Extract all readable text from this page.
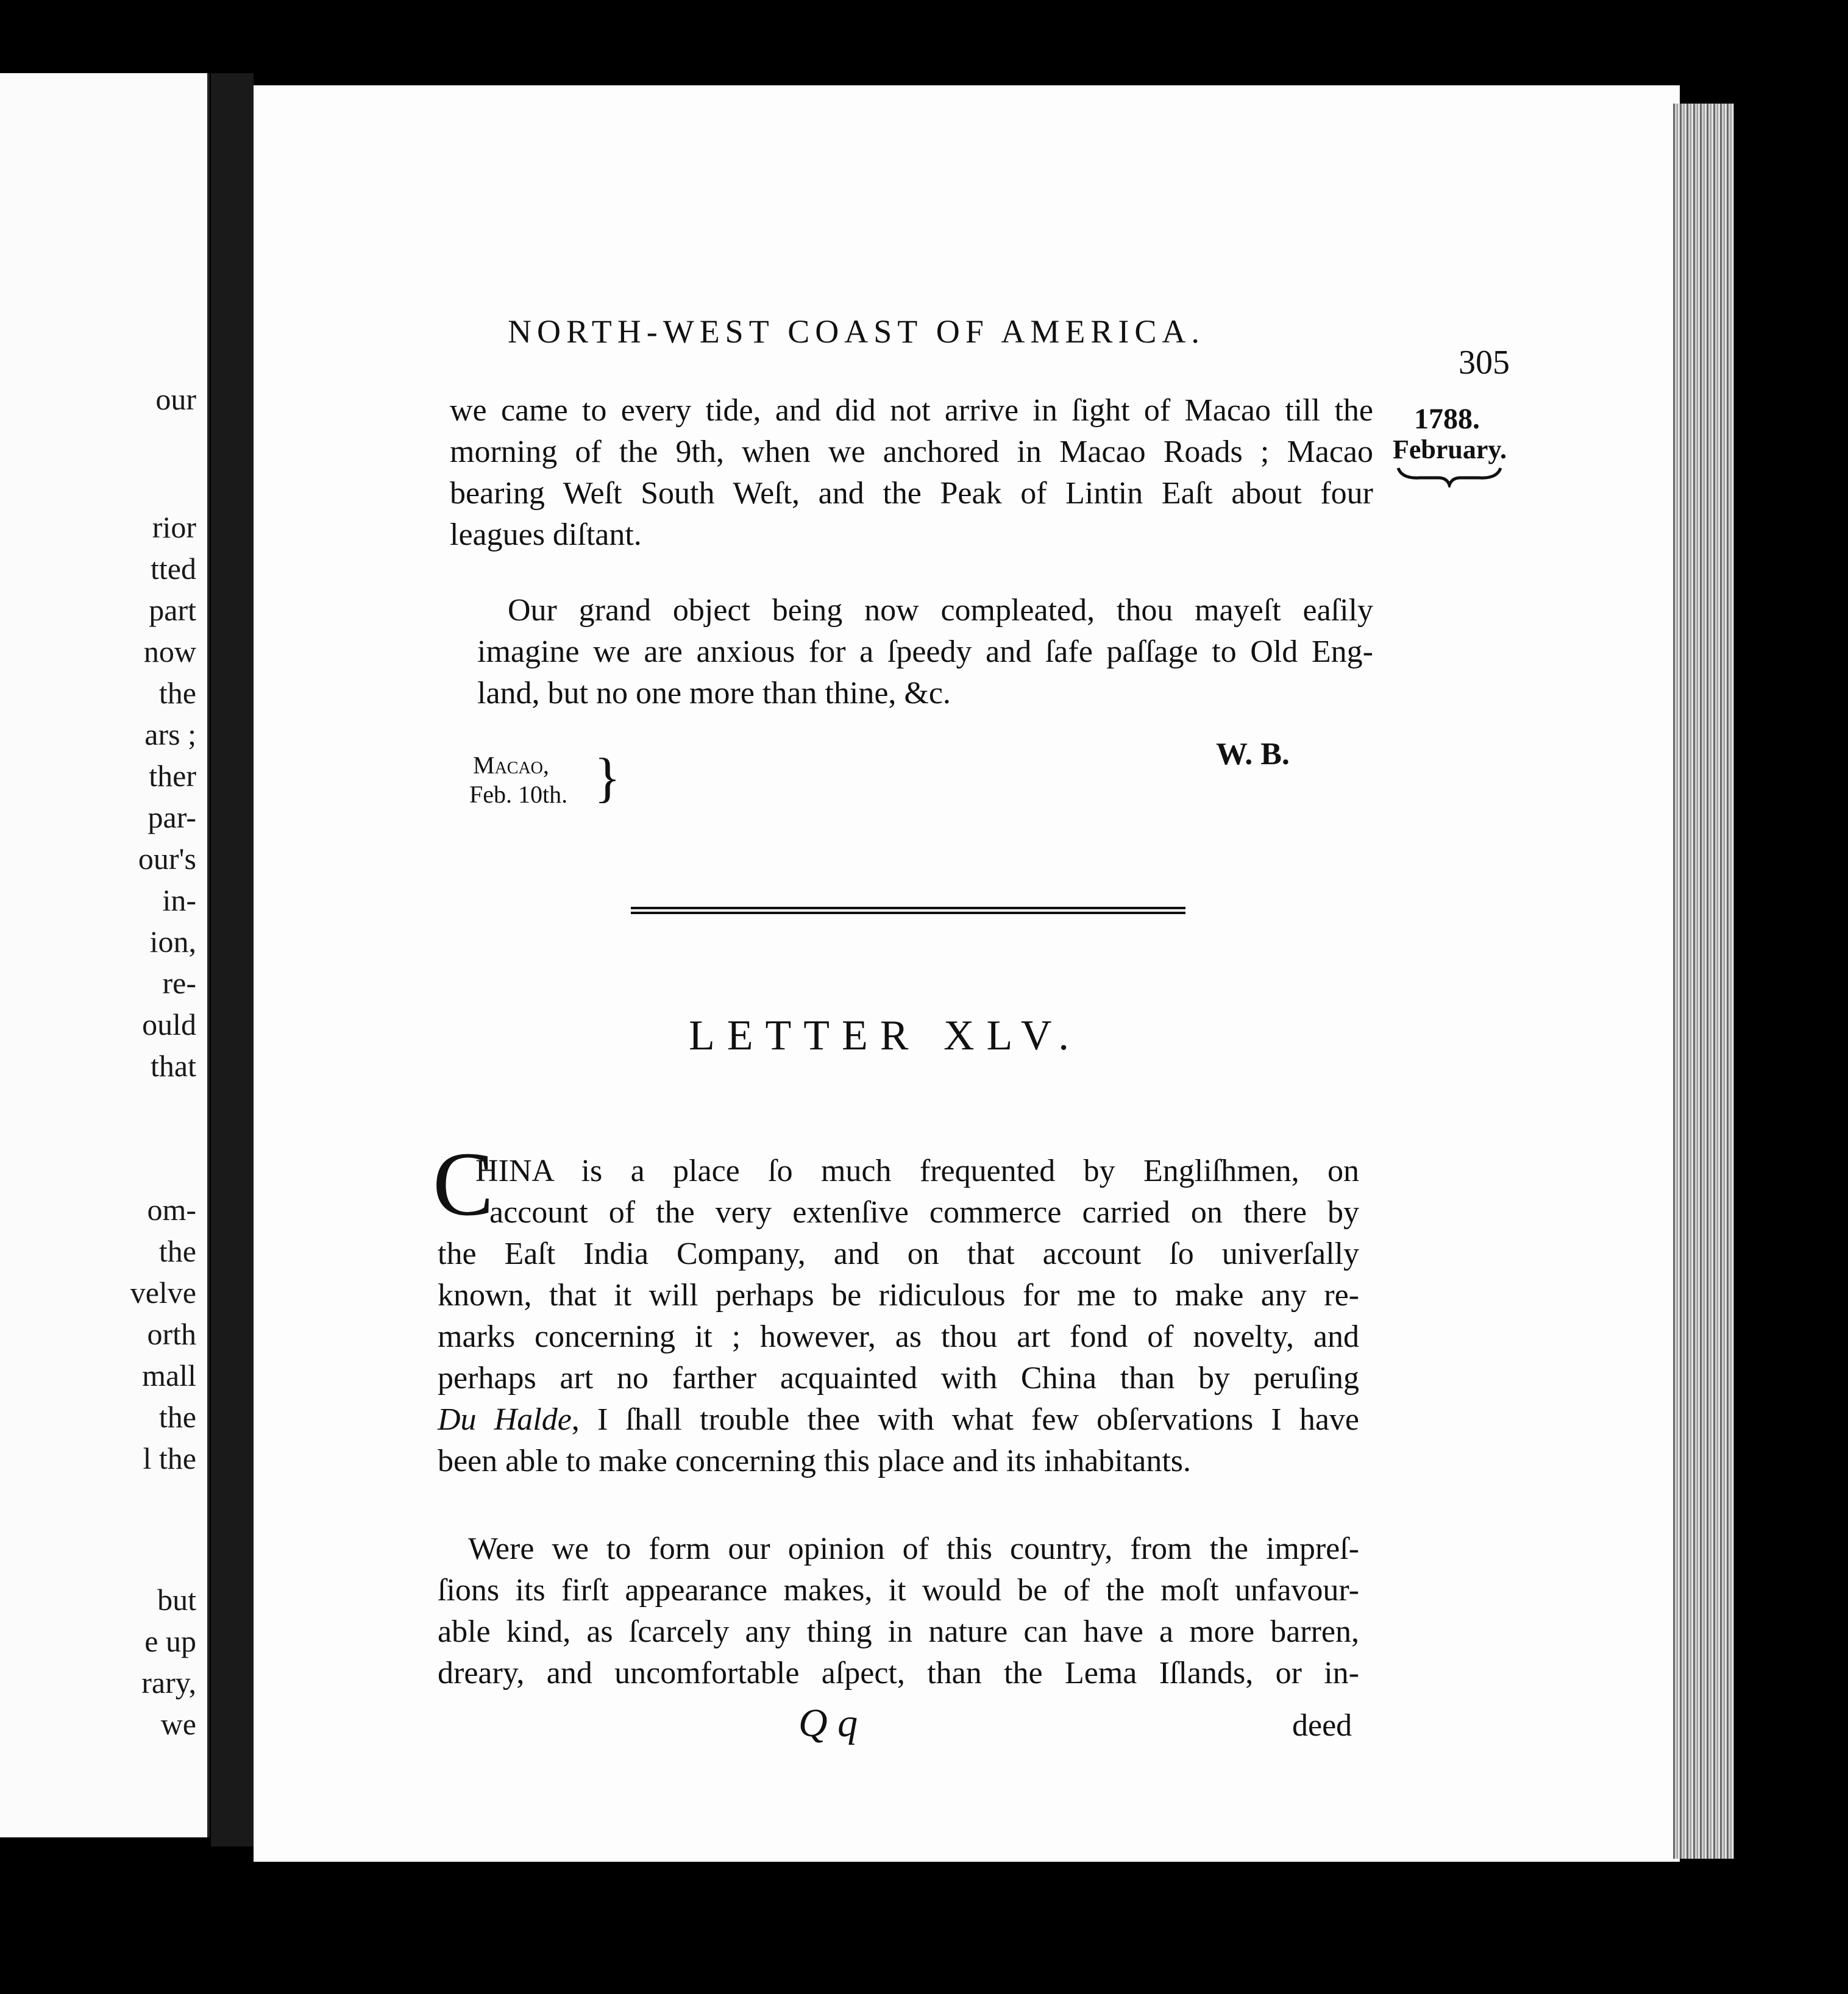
our
rior
tted
part
now
the
ars ;
ther
par-
our's
in-
ion,
re-
ould
that
om-
the
velve
orth
mall
the
l the
but
e up
rary,
we
NORTH-WEST COAST OF AMERICA.
305
1788.
February.
we came to every tide, and did not arrive in ſight of Macao till the
morning of the 9th, when we anchored in Macao Roads ; Macao
bearing Weſt South Weſt, and the Peak of Lintin Eaſt about four
leagues diſtant.
Our grand object being now compleated, thou mayeſt eaſily
imagine we are anxious for a ſpeedy and ſafe paſſage to Old Eng-
land, but no one more than thine, &c.
W. B.
Macao,
Feb. 10th. }
LETTER XLV.
C
HINA is a place ſo much frequented by Engliſhmen, on
account of the very extenſive commerce carried on there by
the Eaſt India Company, and on that account ſo univerſally
known, that it will perhaps be ridiculous for me to make any re-
marks concerning it ; however, as thou art fond of novelty, and
perhaps art no farther acquainted with China than by peruſing
Du Halde, I ſhall trouble thee with what few obſervations I have
been able to make concerning this place and its inhabitants.
Were we to form our opinion of this country, from the impreſ-
ſions its firſt appearance makes, it would be of the moſt unfavour-
able kind, as ſcarcely any thing in nature can have a more barren,
dreary, and uncomfortable aſpect, than the Lema Iſlands, or in-
Q q	deed
